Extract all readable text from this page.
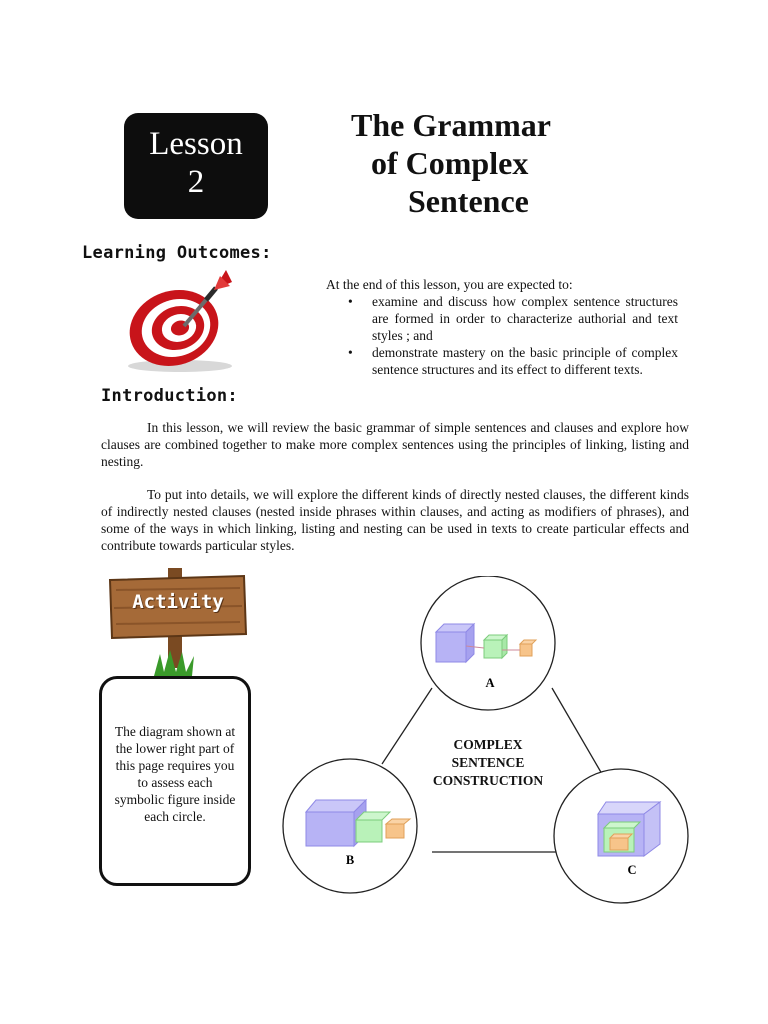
Lesson
2
The Grammar
of Complex
Sentence
Learning Outcomes:
At the end of this lesson, you are expected to:
• examine and discuss how complex sentence structures are formed in order to characterize authorial and text styles ; and
• demonstrate mastery on the basic principle of complex sentence structures and its effect to different texts.
Introduction:
In this lesson, we will review the basic grammar of simple sentences and clauses and explore how clauses are combined together to make more complex sentences using the principles of linking, listing and nesting.
To put into details, we will explore the different kinds of directly nested clauses, the different kinds of indirectly nested clauses (nested inside phrases within clauses, and acting as modifiers of phrases), and some of the ways in which linking, listing and nesting can be used in texts to create particular effects and contribute towards particular styles.
Activity
The diagram shown at the lower right part of this page requires you to assess each symbolic figure inside each circle.
A
B
C
COMPLEX
SENTENCE
CONSTRUCTION
